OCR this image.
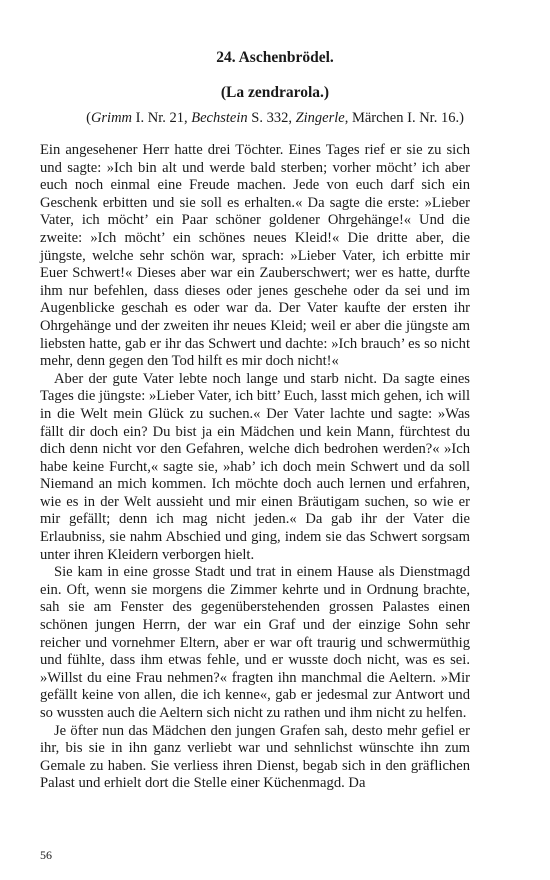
24. Aschenbrödel.
(La zendrarola.)

(Grimm I. Nr. 21, Bechstein S. 332, Zingerle, Märchen I. Nr. 16.)

Ein angesehener Herr hatte drei Töchter. Eines Tages rief er sie zu sich und sagte: »Ich bin alt und werde bald sterben; vorher möcht’ ich aber euch noch einmal eine Freude machen. Jede von euch darf sich ein Geschenk erbitten und sie soll es erhalten.« Da sagte die erste: »Lieber Vater, ich möcht’ ein Paar schöner goldener Ohrgehänge!« Und die zweite: »Ich möcht’ ein schönes neues Kleid!« Die dritte aber, die jüngste, welche sehr schön war, sprach: »Lieber Vater, ich erbitte mir Euer Schwert!« Dieses aber war ein Zauberschwert; wer es hatte, durfte ihm nur befehlen, dass dieses oder jenes geschehe oder da sei und im Augenblicke geschah es oder war da. Der Vater kaufte der ersten ihr Ohrgehänge und der zweiten ihr neues Kleid; weil er aber die jüngste am liebsten hatte, gab er ihr das Schwert und dachte: »Ich brauch’ es so nicht mehr, denn gegen den Tod hilft es mir doch nicht!«

Aber der gute Vater lebte noch lange und starb nicht. Da sagte eines Tages die jüngste: »Lieber Vater, ich bitt’ Euch, lasst mich gehen, ich will in die Welt mein Glück zu suchen.« Der Vater lachte und sagte: »Was fällt dir doch ein? Du bist ja ein Mädchen und kein Mann, fürchtest du dich denn nicht vor den Gefahren, welche dich bedrohen werden?« »Ich habe keine Furcht,« sagte sie, »hab’ ich doch mein Schwert und da soll Niemand an mich kommen. Ich möchte doch auch lernen und erfahren, wie es in der Welt aussieht und mir einen Bräutigam suchen, so wie er mir gefällt; denn ich mag nicht jeden.« Da gab ihr der Vater die Erlaubniss, sie nahm Abschied und ging, indem sie das Schwert sorgsam unter ihren Kleidern verborgen hielt.

Sie kam in eine grosse Stadt und trat in einem Hause als Dienstmagd ein. Oft, wenn sie morgens die Zimmer kehrte und in Ordnung brachte, sah sie am Fenster des gegenüberstehenden grossen Palastes einen schönen jungen Herrn, der war ein Graf und der einzige Sohn sehr reicher und vornehmer Eltern, aber er war oft traurig und schwermüthig und fühlte, dass ihm etwas fehle, und er wusste doch nicht, was es sei. »Willst du eine Frau nehmen?« fragten ihn manchmal die Aeltern. »Mir gefällt keine von allen, die ich kenne«, gab er jedesmal zur Antwort und so wussten auch die Aeltern sich nicht zu rathen und ihm nicht zu helfen.

Je öfter nun das Mädchen den jungen Grafen sah, desto mehr gefiel er ihr, bis sie in ihn ganz verliebt war und sehnlichst wünschte ihn zum Gemale zu haben. Sie verliess ihren Dienst, begab sich in den gräflichen Palast und erhielt dort die Stelle einer Küchenmagd. Da

56
